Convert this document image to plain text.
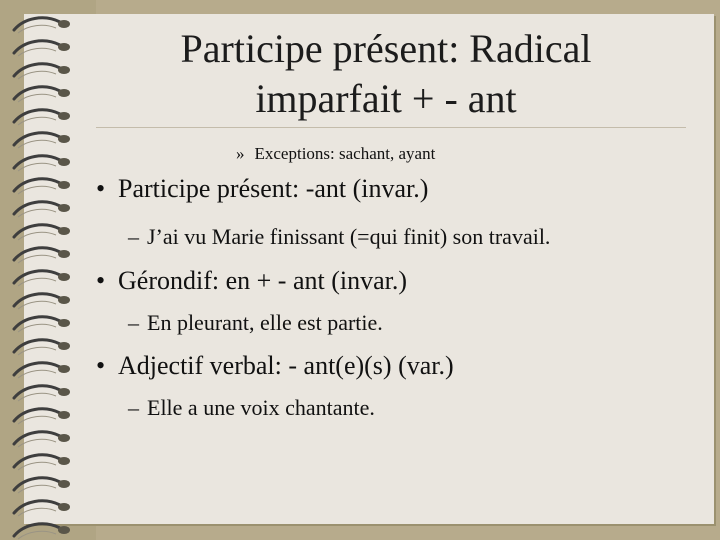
Participe présent: Radical
imparfait + - ant
» Exceptions: sachant, ayant
• Participe présent: -ant (invar.)
– J’ai vu Marie finissant (=qui finit) son travail.
• Gérondif: en + - ant (invar.)
– En pleurant, elle est partie.
• Adjectif verbal: - ant(e)(s) (var.)
– Elle a une voix chantante.
